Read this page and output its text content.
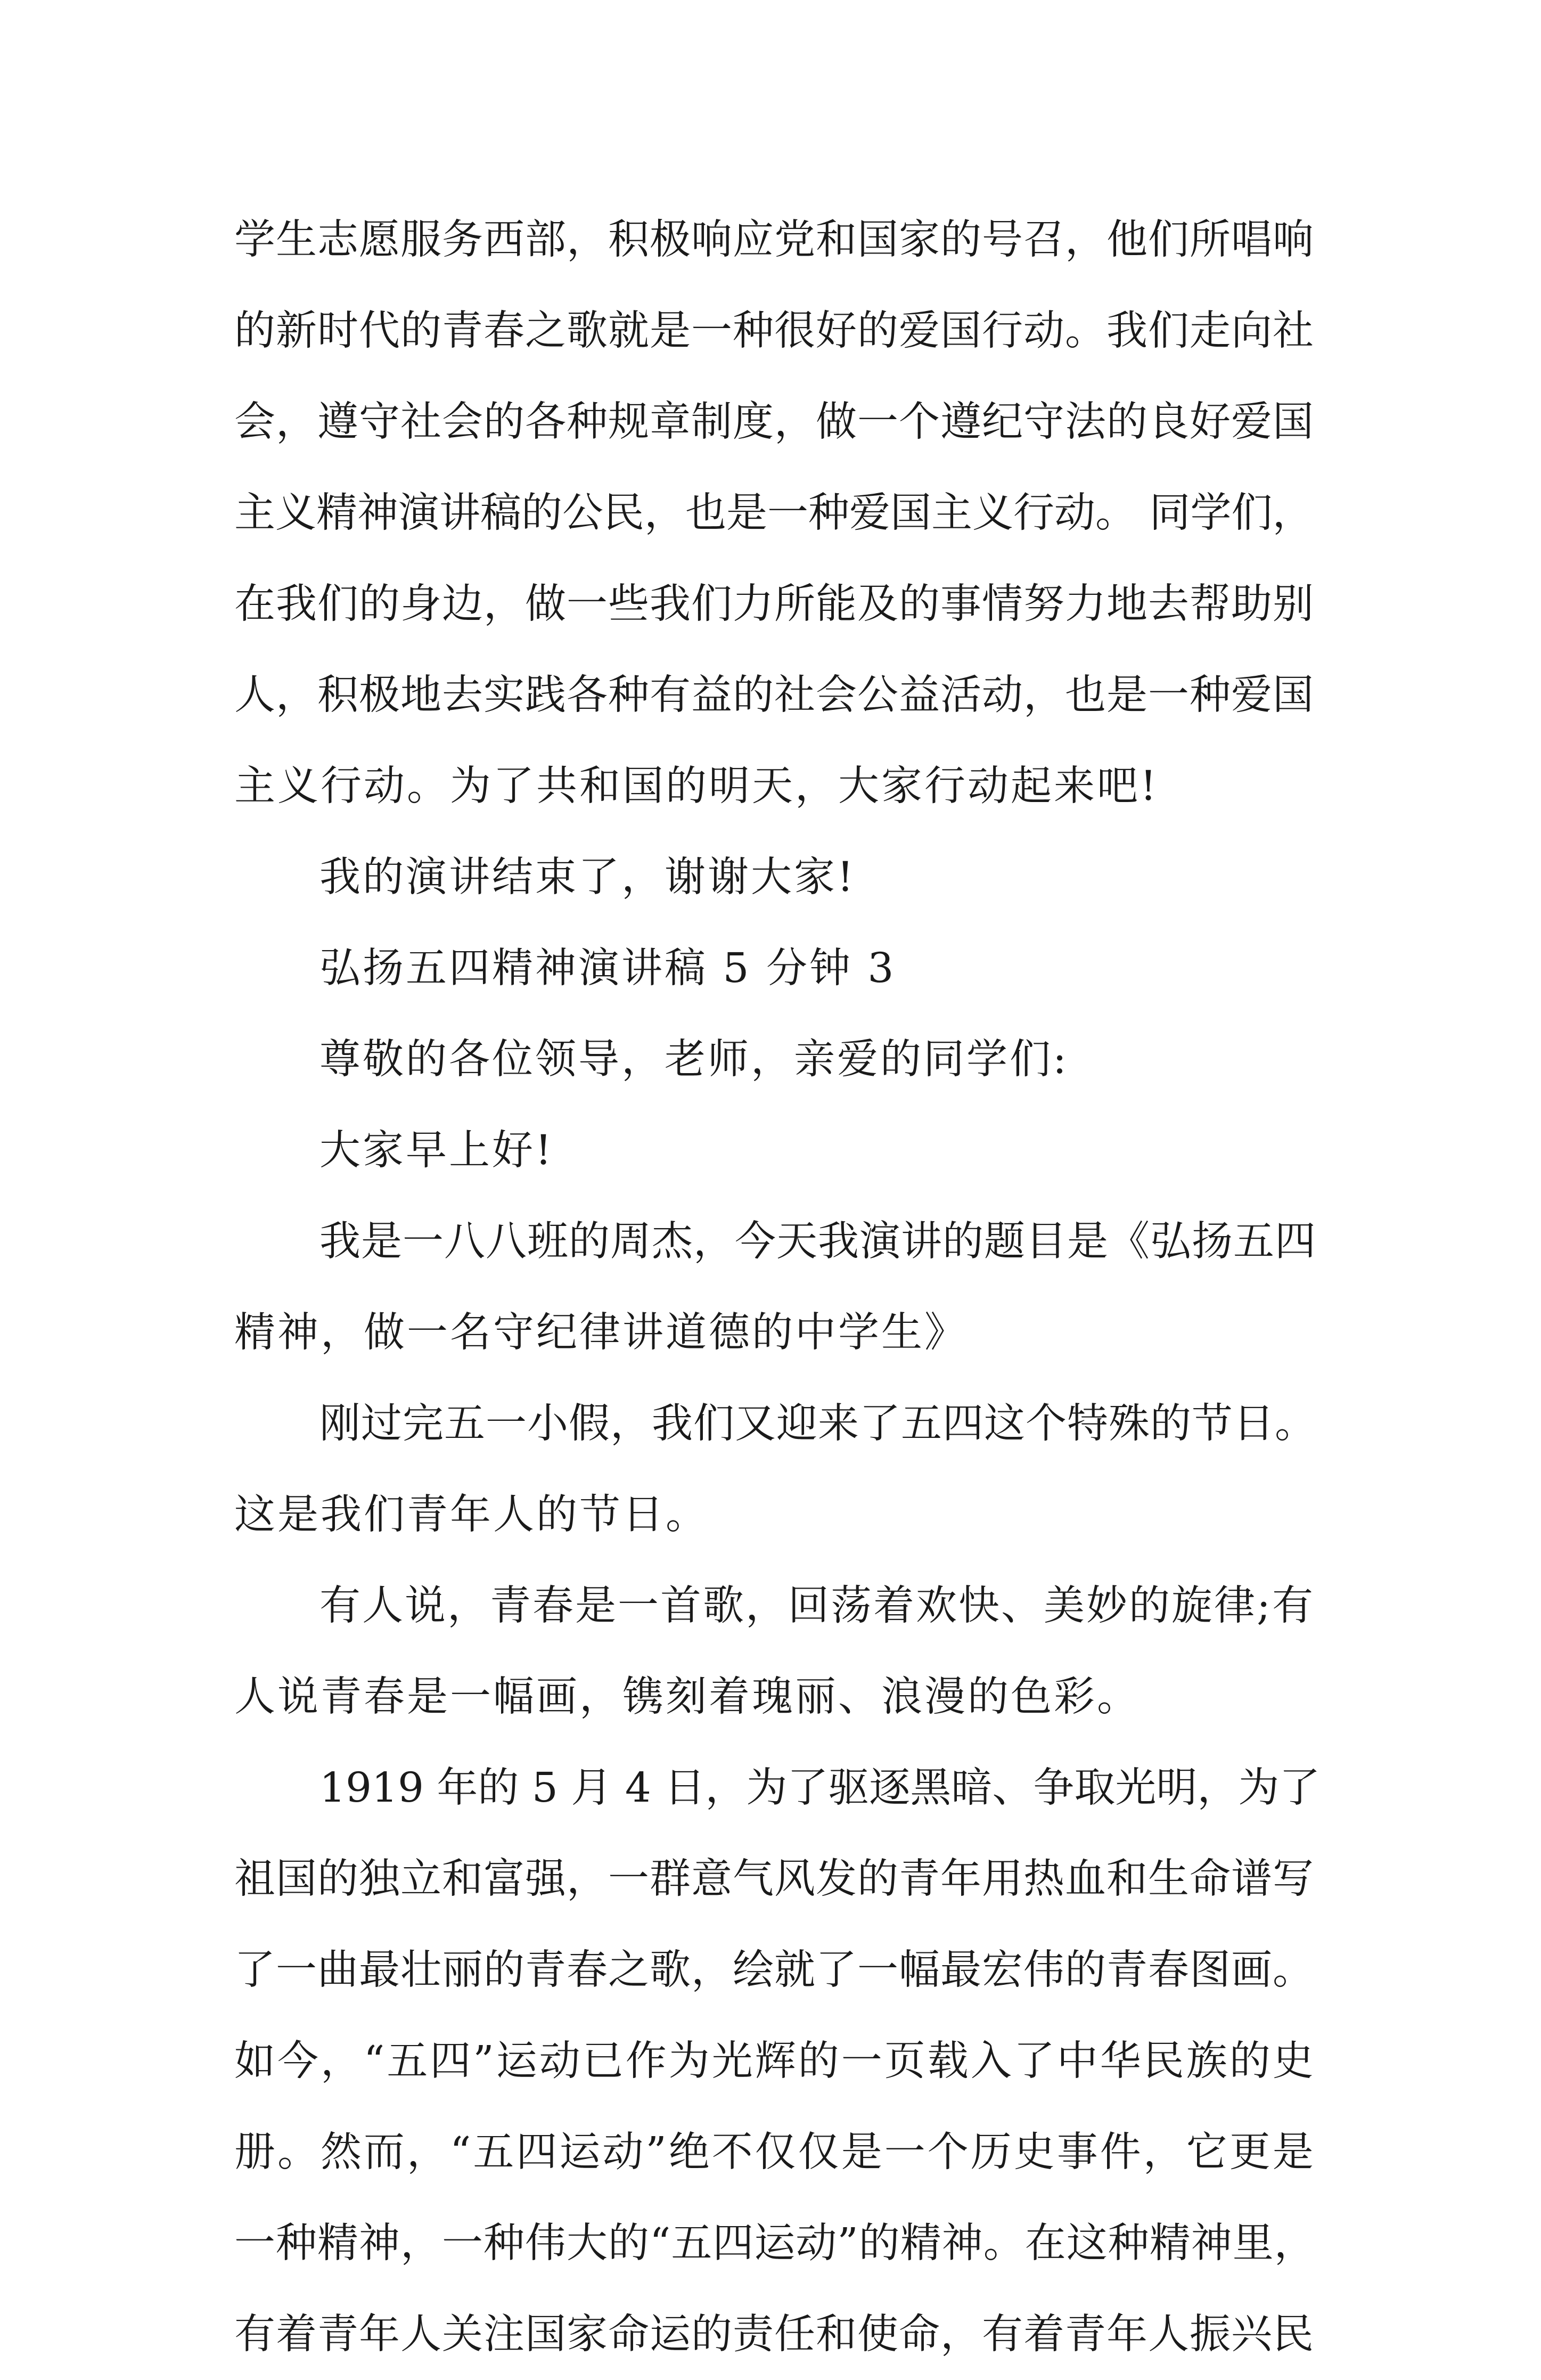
学生志愿服务西部，积极响应党和国家的号召，他们所唱响
的新时代的青春之歌就是一种很好的爱国行动。我们走向社
会，遵守社会的各种规章制度，做一个遵纪守法的良好爱国
主义精神演讲稿的公民，也是一种爱国主义行动。 同学们，
在我们的身边，做一些我们力所能及的事情努力地去帮助别
人，积极地去实践各种有益的社会公益活动，也是一种爱国
主义行动。为了共和国的明天，大家行动起来吧!
我的演讲结束了，谢谢大家!
弘扬五四精神演讲稿 5 分钟 3
尊敬的各位领导，老师，亲爱的同学们:
大家早上好!
我是一八八班的周杰，今天我演讲的题目是《弘扬五四
精神，做一名守纪律讲道德的中学生》
刚过完五一小假，我们又迎来了五四这个特殊的节日。
这是我们青年人的节日。
有人说，青春是一首歌，回荡着欢快、美妙的旋律;有
人说青春是一幅画，镌刻着瑰丽、浪漫的色彩。
1919 年的 5 月 4 日，为了驱逐黑暗、争取光明，为了
祖国的独立和富强，一群意气风发的青年用热血和生命谱写
了一曲最壮丽的青春之歌，绘就了一幅最宏伟的青春图画。
如今，“五四”运动已作为光辉的一页载入了中华民族的史
册。然而，“五四运动”绝不仅仅是一个历史事件，它更是
一种精神，一种伟大的“五四运动”的精神。在这种精神里，
有着青年人关注国家命运的责任和使命，有着青年人振兴民
